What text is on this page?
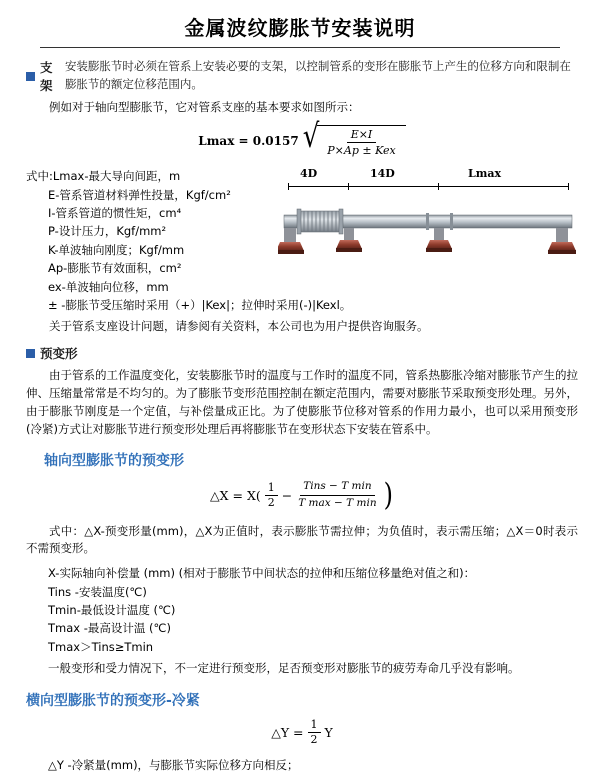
金属波纹膨胀节安装说明
支架
安装膨胀节时必须在管系上安装必要的支架，以控制管系的变形在膨胀节上产生的位移方向和限制在膨胀节的额定位移范围内。

例如对于轴向型膨胀节，它对管系支座的基本要求如图所示：

Lmax = 0.0157 √
$\frac{E\times I}{\text{P×Ap ± Kex}}$
4D	14D	Lmax
式中:Lmax-最大导向间距，m
E-管系管道材料弹性投量，Kgf/cm²
I-管系管道的惯性矩，cm⁴
P-设计压力，Kgf/mm²
K-单波轴向刚度；Kgf/mm
Ap-膨胀节有效面积，cm²
ex-单波轴向位移，mm
± -膨胀节受压缩时采用（+）|Kex|；拉伸时采用(-)|Kexl。

关于管系支座设计问题，请参阅有关资料，本公司也为用户提供咨询服务。

预变形

由于管系的工作温度变化，安装膨胀节时的温度与工作时的温度不同，管系热膨胀冷缩对膨胀节产生的拉伸、压缩量常常是不均匀的。为了膨胀节变形范围控制在额定范围内，需要对膨胀节采取预变形处理。另外，由于膨胀节刚度是一个定值，与补偿量成正比。为了使膨胀节位移对管系的作用力最小，也可以采用预变形(冷紧)方式让对膨胀节进行预变形处理后再将膨胀节在变形状态下安装在管系中。

轴向型膨胀节的预变形
△X = $X( \frac{1}{2} - \frac{\text{Tins − T min}}{\text{T max − T min}}$ )

式中：△X-预变形量(mm)，△X为正值时，表示膨胀节需拉伸；为负值时，表示需压缩；△X＝0时表示不需预变形。

X-实际轴向补偿量 (mm) (相对于膨胀节中间状态的拉伸和压缩位移量绝对值之和)：
Tins -安装温度(℃)
Tmin-最低设计温度 (℃)
Tmax -最高设计温 (℃)
Tmax＞Tins≥Tmin

一般变形和受力情况下，不一定进行预变形，足否预变形对膨胀节的疲劳寿命几乎没有影响。

横向型膨胀节的预变形-冷紧
△Y = $\frac{1}{2}$ Y

△Y -冷紧量(mm)，与膨胀节实际位移方向相反；
